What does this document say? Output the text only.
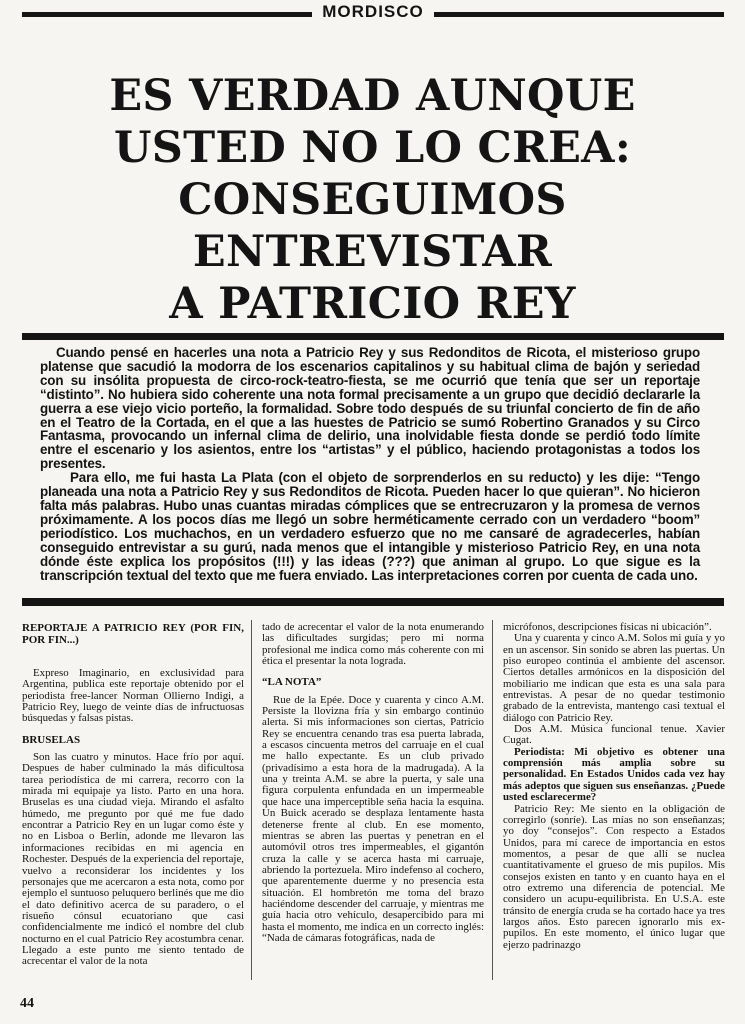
MORDISCO
ES VERDAD AUNQUE
USTED NO LO CREA:
CONSEGUIMOS
ENTREVISTAR
A PATRICIO REY

Cuando pensé en hacerles una nota a Patricio Rey y sus Redonditos de Ricota, el misterioso grupo platense que sacudió la modorra de los escenarios capitalinos y su habitual clima de bajón y seriedad con su insólita propuesta de circo-rock-teatro-fiesta, se me ocurrió que tenía que ser un reportaje “distinto”. No hubiera sido coherente una nota formal precisamente a un grupo que decidió declararle la guerra a ese viejo vicio porteño, la formalidad. Sobre todo después de su triunfal concierto de fin de año en el Teatro de la Cortada, en el que a las huestes de Patricio se sumó Robertino Granados y su Circo Fantasma, provocando un infernal clima de delirio, una inolvidable fiesta donde se perdió todo límite entre el escenario y los asientos, entre los “artistas” y el público, haciendo protagonistas a todos los presentes.

Para ello, me fui hasta La Plata (con el objeto de sorprenderlos en su reducto) y les dije: “Tengo planeada una nota a Patricio Rey y sus Redonditos de Ricota. Pueden hacer lo que quieran”. No hicieron falta más palabras. Hubo unas cuantas miradas cómplices que se entrecruzaron y la promesa de vernos próximamente. A los pocos días me llegó un sobre herméticamente cerrado con un verdadero “boom” periodístico. Los muchachos, en un verdadero esfuerzo que no me cansaré de agradecerles, habían conseguido entrevistar a su gurú, nada menos que el intangible y misterioso Patricio Rey, en una nota dónde éste explica los propósitos (!!!) y las ideas (???) que animan al grupo. Lo que sigue es la transcripción textual del texto que me fuera enviado. Las interpretaciones corren por cuenta de cada uno.

REPORTAJE A PATRICIO REY (POR FIN, POR FIN...)

Expreso Imaginario, en exclusividad para Argentina, publica este reportaje obtenido por el periodista free-lancer Norman Ollierno Indigi, a Patricio Rey, luego de veinte días de infructuosas búsquedas y falsas pistas.

BRUSELAS

Son las cuatro y minutos. Hace frío por aquí. Despues de haber culminado la más dificultosa tarea periodística de mi carrera, recorro con la mirada mi equipaje ya listo. Parto en una hora. Bruselas es una ciudad vieja. Mirando el asfalto húmedo, me pregunto por qué me fue dado encontrar a Patricio Rey en un lugar como éste y no en Lisboa o Berlín, adonde me llevaron las informaciones recibidas en mi agencia en Rochester. Después de la experiencia del reportaje, vuelvo a reconsiderar los incidentes y los personajes que me acercaron a esta nota, como por ejemplo el suntuoso peluquero berlinés que me dio el dato definitivo acerca de su paradero, o el risueño cónsul ecuatoriano que casi confidencialmente me indicó el nombre del club nocturno en el cual Patricio Rey acostumbra cenar. Llegado a este punto me siento tentado de acrecentar el valor de la nota

tado de acrecentar el valor de la nota enumerando las dificultades surgidas; pero mi norma profesional me indica como más coherente con mi ética el presentar la nota lograda.

“LA NOTA”

Rue de la Epée. Doce y cuarenta y cinco A.M. Persiste la llovizna fría y sin embargo continúo alerta. Si mis informaciones son ciertas, Patricio Rey se encuentra cenando tras esa puerta labrada, a escasos cincuenta metros del carruaje en el cual me hallo expectante. Es un club privado (privadísimo a esta hora de la madrugada). A la una y treinta A.M. se abre la puerta, y sale una figura corpulenta enfundada en un impermeable que hace una imperceptible seña hacia la esquina. Un Buick acerado se desplaza lentamente hasta detenerse frente al club. En ese momento, mientras se abren las puertas y penetran en el automóvil otros tres impermeables, el gigantón cruza la calle y se acerca hasta mi carruaje, abriendo la portezuela. Miro indefenso al cochero, que aparentemente duerme y no presencia esta situación. El hombretón me toma del brazo haciéndome descender del carruaje, y mientras me guía hacia otro vehículo, desapercibido para mi hasta el momento, me indica en un correcto inglés: “Nada de cámaras fotográficas, nada de

micrófonos, descripciones físicas ni ubicación”.

Una y cuarenta y cinco A.M. Solos mi guía y yo en un ascensor. Sin sonido se abren las puertas. Un piso europeo continúa el ambiente del ascensor. Ciertos detalles armónicos en la disposición del mobiliario me indican que esta es una sala para entrevistas. A pesar de no quedar testimonio grabado de la entrevista, mantengo casi textual el diálogo con Patricio Rey.

Dos A.M. Música funcional tenue. Xavier Cugat.

Periodista: Mi objetivo es obtener una comprensión más amplia sobre su personalidad. En Estados Unidos cada vez hay más adeptos que siguen sus enseñanzas. ¿Puede usted esclarecerme?

Patricio Rey: Me siento en la obligación de corregirlo (sonríe). Las mías no son enseñanzas; yo doy “consejos”. Con respecto a Estados Unidos, para mí carece de importancia en estos momentos, a pesar de que allí se nuclea cuantitativamente el grueso de mis pupilos. Mis consejos existen en tanto y en cuanto haya en el otro extremo una diferencia de potencial. Me considero un acupu-equilibrista. En U.S.A. este tránsito de energía cruda se ha cortado hace ya tres largos años. Esto parecen ignorarlo mis ex-pupilos. En este momento, el único lugar que ejerzo padrinazgo

44
